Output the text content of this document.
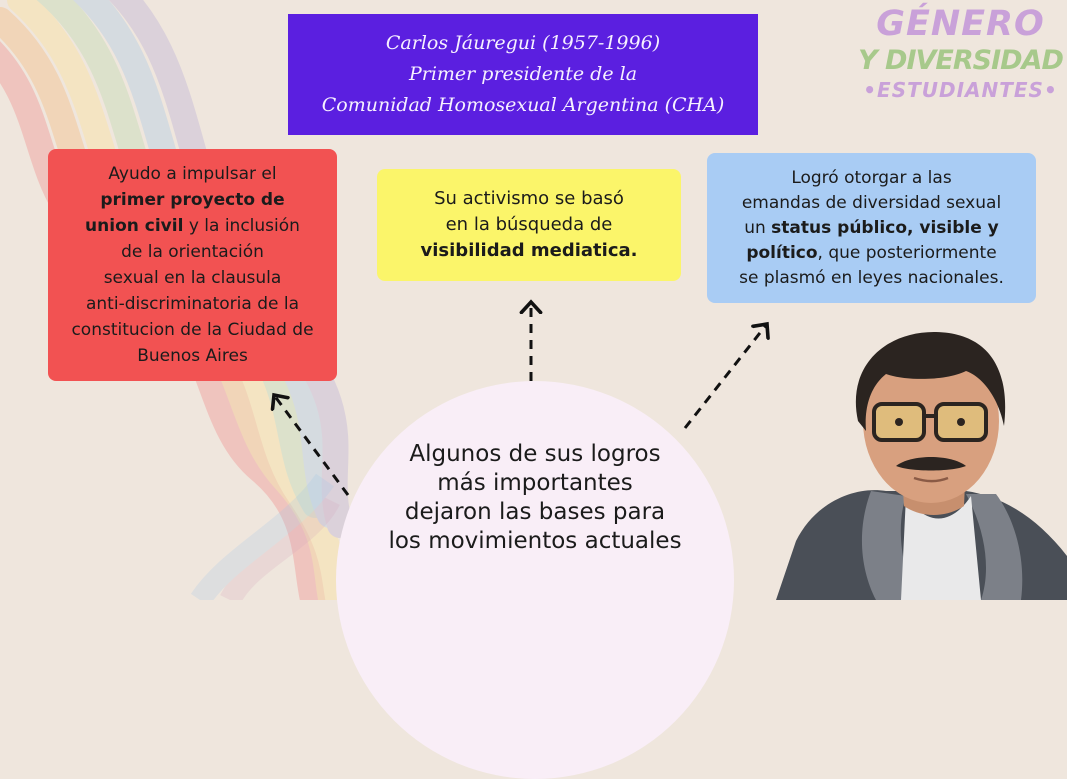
Carlos Jáuregui (1957-1996)
Primer presidente de la
Comunidad Homosexual Argentina (CHA)
GÉNERO
Y DIVERSIDAD
•ESTUDIANTES•
Ayudo a impulsar el
primer proyecto de
union civil y la inclusión
de la orientación
sexual en la clausula
anti-discriminatoria de la
constitucion de la Ciudad de
Buenos Aires
Su activismo se basó
en la búsqueda de
visibilidad mediatica.
Logró otorgar a las
emandas de diversidad sexual
un status público, visible y
político, que posteriormente
se plasmó en leyes nacionales.
Algunos de sus logros
más importantes
dejaron las bases para
los movimientos actuales
